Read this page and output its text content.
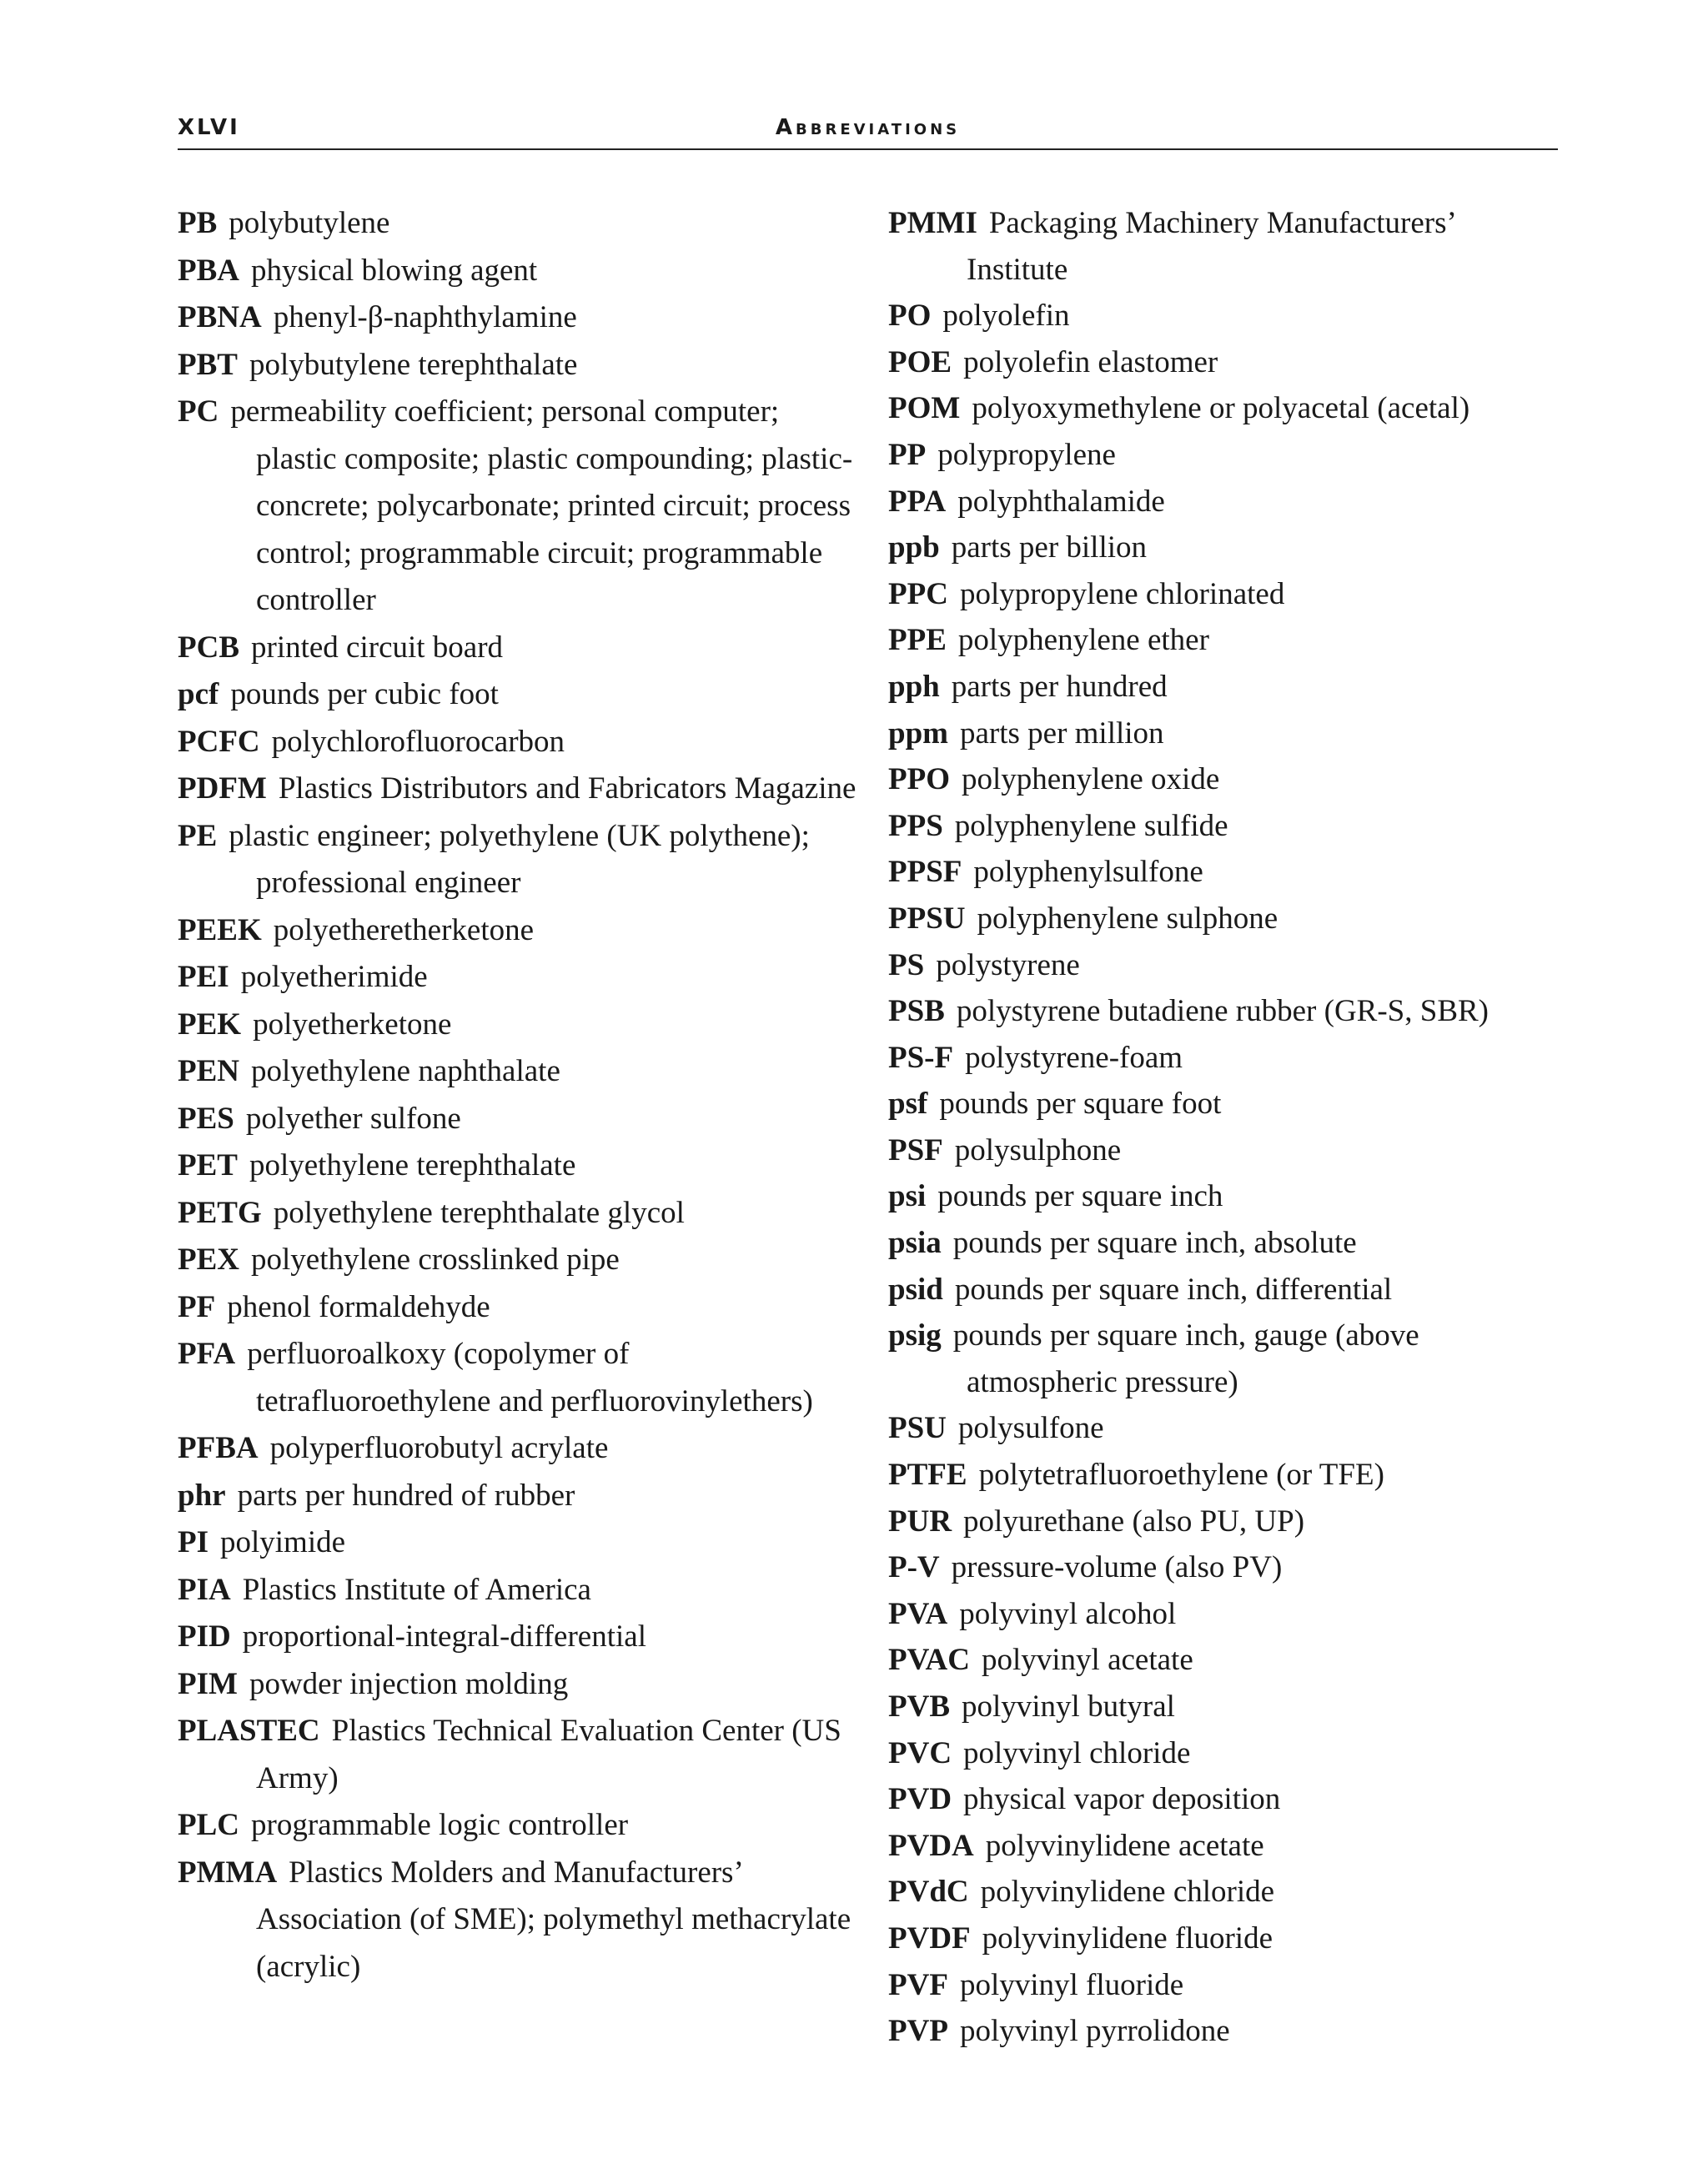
XLVI	Abbreviations

PB polybutylene

PBA physical blowing agent

PBNA phenyl-β-naphthylamine

PBT polybutylene terephthalate

PC permeability coefficient; personal computer; plastic composite; plastic compounding; plastic-concrete; polycarbonate; printed circuit; process control; programmable circuit; programmable controller

PCB printed circuit board

pcf pounds per cubic foot

PCFC polychlorofluorocarbon

PDFM Plastics Distributors and Fabricators Magazine

PE plastic engineer; polyethylene (UK polythene); professional engineer

PEEK polyetheretherketone

PEI polyetherimide

PEK polyetherketone

PEN polyethylene naphthalate

PES polyether sulfone

PET polyethylene terephthalate

PETG polyethylene terephthalate glycol

PEX polyethylene crosslinked pipe

PF phenol formaldehyde

PFA perfluoroalkoxy (copolymer of tetrafluoroethylene and perfluorovinylethers)

PFBA polyperfluorobutyl acrylate

phr parts per hundred of rubber

PI polyimide

PIA Plastics Institute of America

PID proportional-integral-differential

PIM powder injection molding

PLASTEC Plastics Technical Evaluation Center (US Army)

PLC programmable logic controller

PMMA Plastics Molders and Manufacturers’ Association (of SME); polymethyl methacrylate (acrylic)

PMMI Packaging Machinery Manufacturers’ Institute

PO polyolefin

POE polyolefin elastomer

POM polyoxymethylene or polyacetal (acetal)

PP polypropylene

PPA polyphthalamide

ppb parts per billion

PPC polypropylene chlorinated

PPE polyphenylene ether

pph parts per hundred

ppm parts per million

PPO polyphenylene oxide

PPS polyphenylene sulfide

PPSF polyphenylsulfone

PPSU polyphenylene sulphone

PS polystyrene

PSB polystyrene butadiene rubber (GR-S, SBR)

PS-F polystyrene-foam

psf pounds per square foot

PSF polysulphone

psi pounds per square inch

psia pounds per square inch, absolute

psid pounds per square inch, differential

psig pounds per square inch, gauge (above atmospheric pressure)

PSU polysulfone

PTFE polytetrafluoroethylene (or TFE)

PUR polyurethane (also PU, UP)

P-V pressure-volume (also PV)

PVA polyvinyl alcohol

PVAC polyvinyl acetate

PVB polyvinyl butyral

PVC polyvinyl chloride

PVD physical vapor deposition

PVDA polyvinylidene acetate

PVdC polyvinylidene chloride

PVDF polyvinylidene fluoride

PVF polyvinyl fluoride

PVP polyvinyl pyrrolidone
